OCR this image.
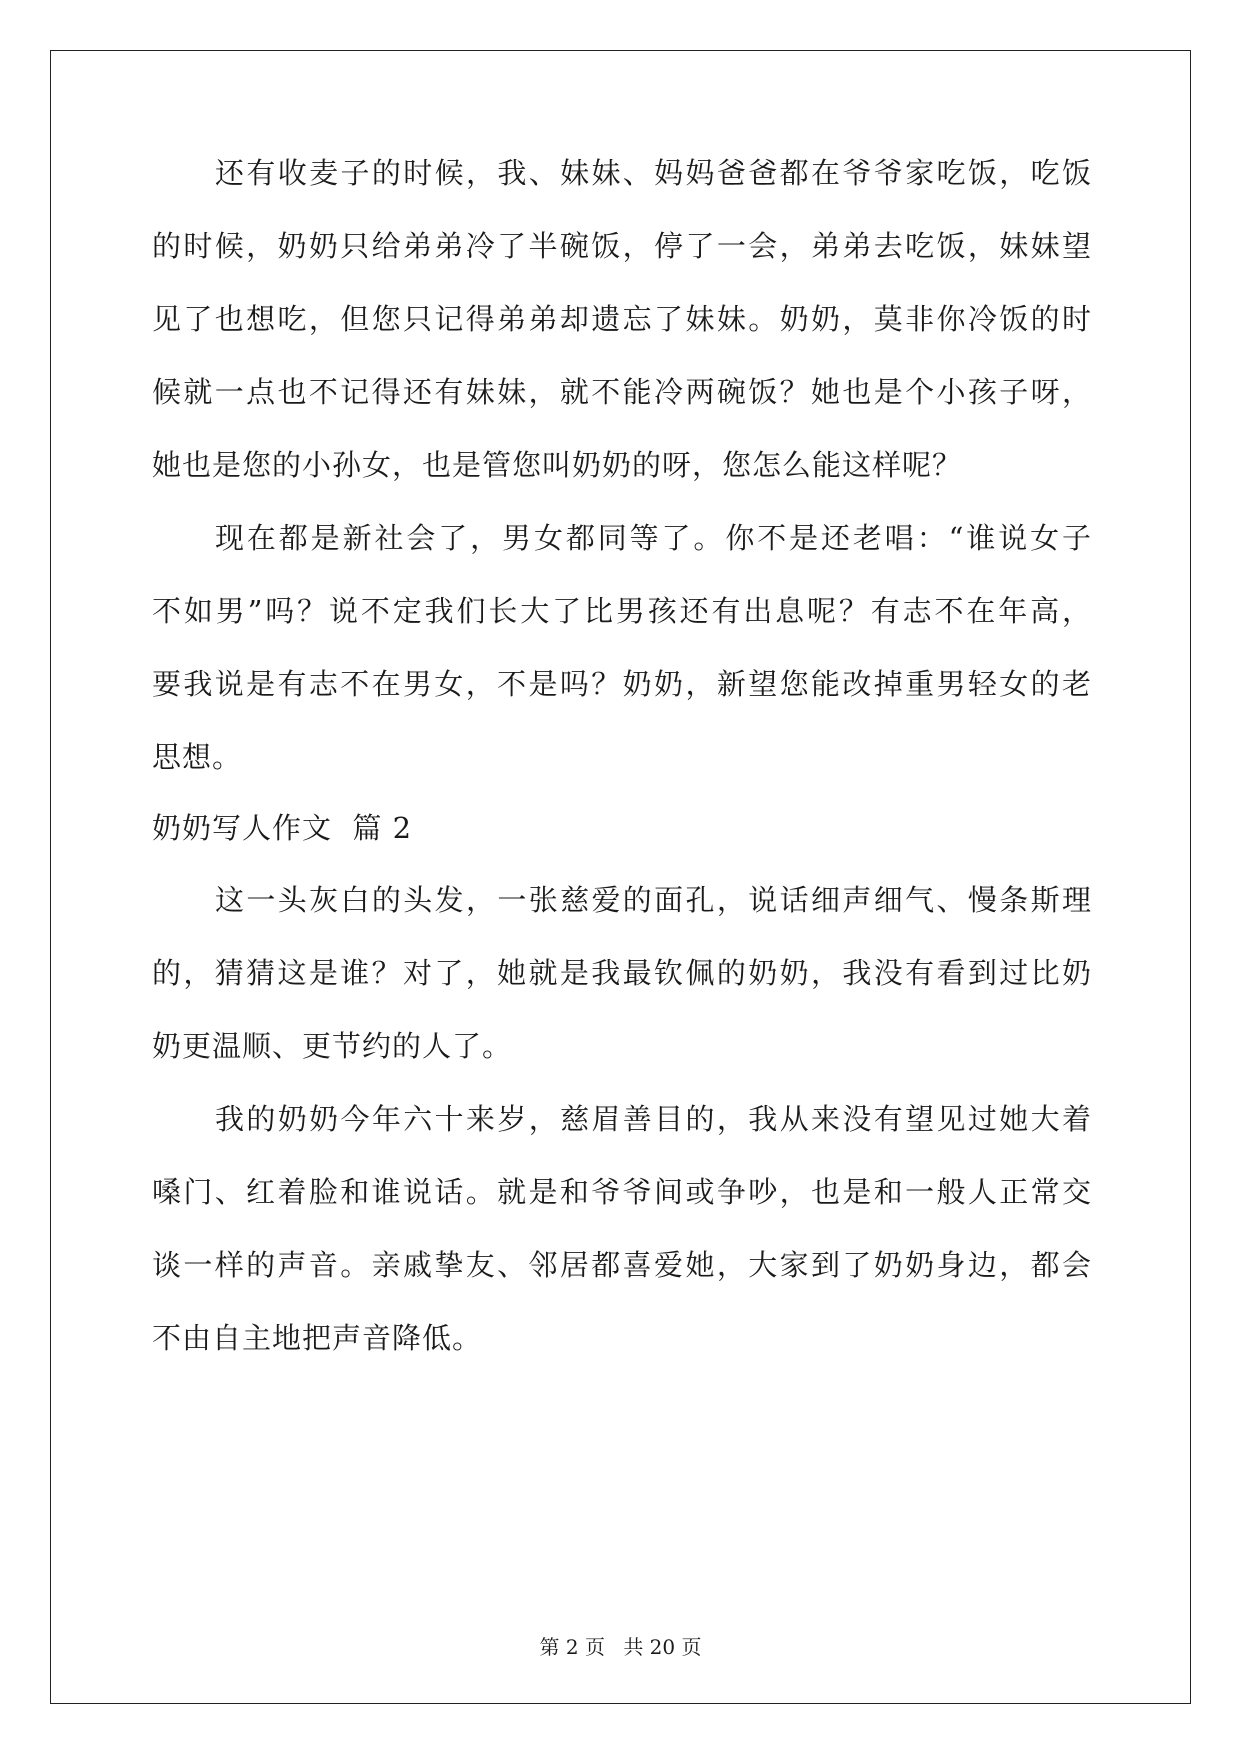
还有收麦子的时候，我、妹妹、妈妈爸爸都在爷爷家吃饭，吃饭
的时候，奶奶只给弟弟冷了半碗饭，停了一会，弟弟去吃饭，妹妹望
见了也想吃，但您只记得弟弟却遗忘了妹妹。奶奶，莫非你冷饭的时
候就一点也不记得还有妹妹，就不能冷两碗饭？她也是个小孩子呀，
她也是您的小孙女，也是管您叫奶奶的呀，您怎么能这样呢？
现在都是新社会了，男女都同等了。你不是还老唱：“谁说女子
不如男”吗？说不定我们长大了比男孩还有出息呢？有志不在年高，
要我说是有志不在男女，不是吗？奶奶，新望您能改掉重男轻女的老
思想。
奶奶写人作文  篇 2
这一头灰白的头发，一张慈爱的面孔，说话细声细气、慢条斯理
的，猜猜这是谁？对了，她就是我最钦佩的奶奶，我没有看到过比奶
奶更温顺、更节约的人了。
我的奶奶今年六十来岁，慈眉善目的，我从来没有望见过她大着
嗓门、红着脸和谁说话。就是和爷爷间或争吵，也是和一般人正常交
谈一样的声音。亲戚挚友、邻居都喜爱她，大家到了奶奶身边，都会
不由自主地把声音降低。
第 2 页 共 20 页
